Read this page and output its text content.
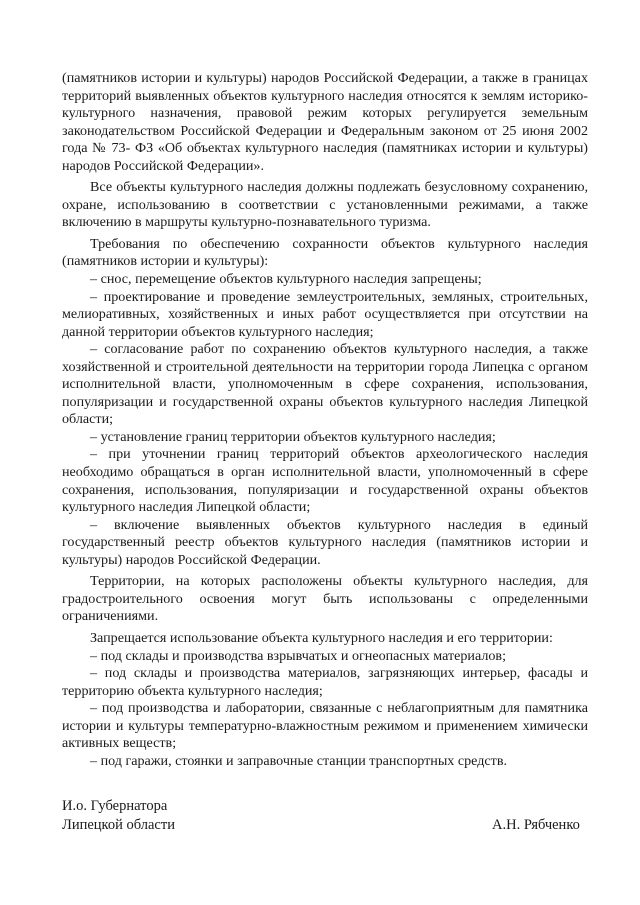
(памятников истории и культуры) народов Российской Федерации, а также в границах территорий выявленных объектов культурного наследия относятся к землям историко-культурного назначения, правовой режим которых регулируется земельным законодательством Российской Федерации и Федеральным законом от 25 июня 2002 года № 73- ФЗ «Об объектах культурного наследия (памятниках истории и культуры) народов Российской Федерации».

Все объекты культурного наследия должны подлежать безусловному сохранению, охране, использованию в соответствии с установленными режимами, а также включению в маршруты культурно-познавательного туризма.

Требования по обеспечению сохранности объектов культурного наследия (памятников истории и культуры):

– снос, перемещение объектов культурного наследия запрещены;

– проектирование и проведение землеустроительных, земляных, строительных, мелиоративных, хозяйственных и иных работ осуществляется при отсутствии на данной территории объектов культурного наследия;

– согласование работ по сохранению объектов культурного наследия, а также хозяйственной и строительной деятельности на территории города Липецка с органом исполнительной власти, уполномоченным в сфере сохранения, использования, популяризации и государственной охраны объектов культурного наследия Липецкой области;

– установление границ территории объектов культурного наследия;

– при уточнении границ территорий объектов археологического наследия необходимо обращаться в орган исполнительной власти, уполномоченный в сфере сохранения, использования, популяризации и государственной охраны объектов культурного наследия Липецкой области;

– включение выявленных объектов культурного наследия в единый государственный реестр объектов культурного наследия (памятников истории и культуры) народов Российской Федерации.

Территории, на которых расположены объекты культурного наследия, для градостроительного освоения могут быть использованы с определенными ограничениями.

Запрещается использование объекта культурного наследия и его территории:

– под склады и производства взрывчатых и огнеопасных материалов;

– под склады и производства материалов, загрязняющих интерьер, фасады и территорию объекта культурного наследия;

– под производства и лаборатории, связанные с неблагоприятным для памятника истории и культуры температурно-влажностным режимом и применением химически активных веществ;

– под гаражи, стоянки и заправочные станции транспортных средств.

И.о. Губернатора
Липецкой области	А.Н. Рябченко
